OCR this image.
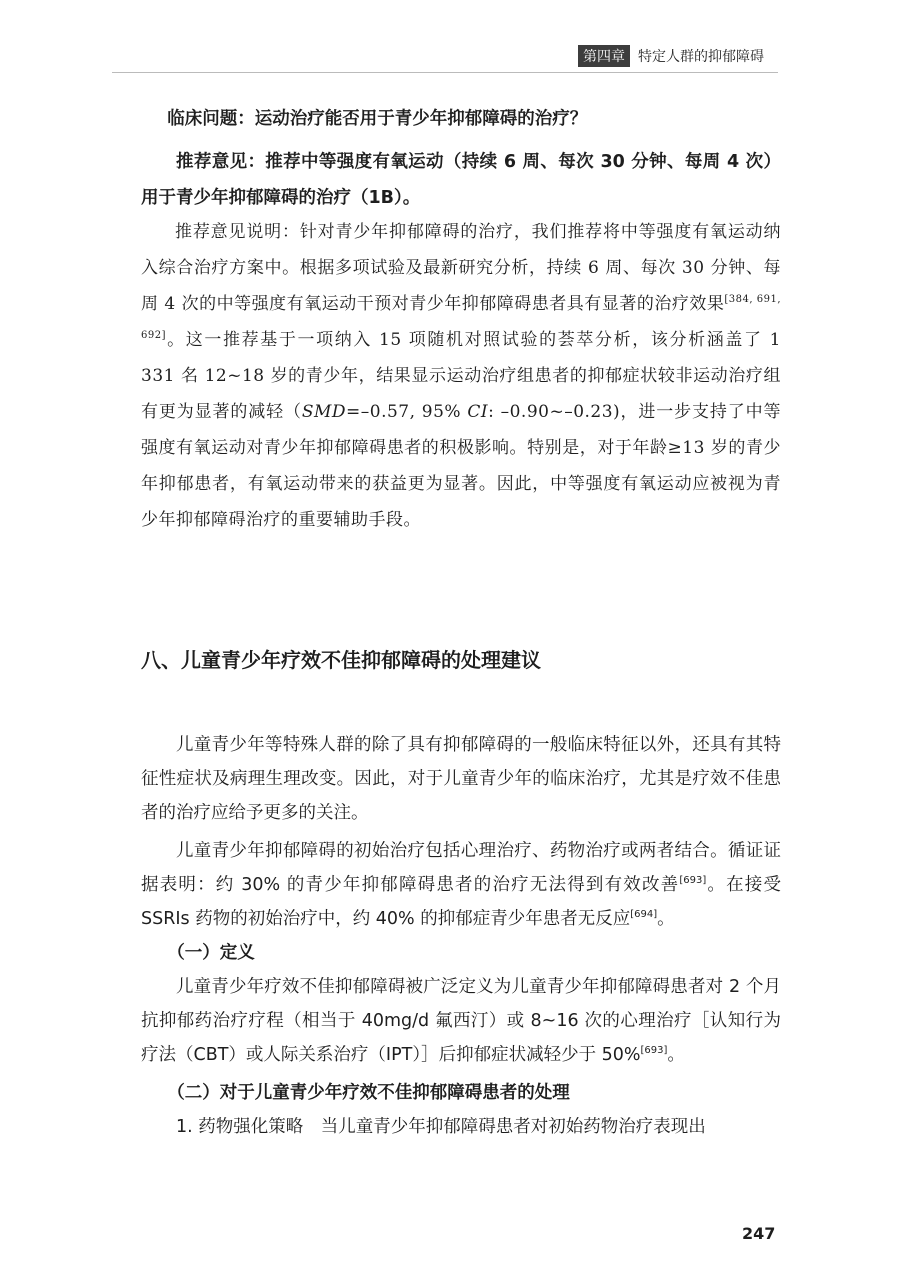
第四章 特定人群的抑郁障碍

临床问题：运动治疗能否用于青少年抑郁障碍的治疗？

推荐意见：推荐中等强度有氧运动（持续 6 周、每次 30 分钟、每周 4 次）用于青少年抑郁障碍的治疗（1B）。

推荐意见说明：针对青少年抑郁障碍的治疗，我们推荐将中等强度有氧运动纳入综合治疗方案中。根据多项试验及最新研究分析，持续 6 周、每次 30 分钟、每周 4 次的中等强度有氧运动干预对青少年抑郁障碍患者具有显著的治疗效果[384, 691, 692]。这一推荐基于一项纳入 15 项随机对照试验的荟萃分析，该分析涵盖了 1 331 名 12~18 岁的青少年，结果显示运动治疗组患者的抑郁症状较非运动治疗组有更为显著的减轻（SMD=–0.57, 95% CI: –0.90~–0.23)，进一步支持了中等强度有氧运动对青少年抑郁障碍患者的积极影响。特别是，对于年龄≥13 岁的青少年抑郁患者，有氧运动带来的获益更为显著。因此，中等强度有氧运动应被视为青少年抑郁障碍治疗的重要辅助手段。

八、儿童青少年疗效不佳抑郁障碍的处理建议

儿童青少年等特殊人群的除了具有抑郁障碍的一般临床特征以外，还具有其特征性症状及病理生理改变。因此，对于儿童青少年的临床治疗，尤其是疗效不佳患者的治疗应给予更多的关注。

儿童青少年抑郁障碍的初始治疗包括心理治疗、药物治疗或两者结合。循证证据表明：约 30% 的青少年抑郁障碍患者的治疗无法得到有效改善[693]。在接受 SSRIs 药物的初始治疗中，约 40% 的抑郁症青少年患者无反应[694]。

（一）定义

儿童青少年疗效不佳抑郁障碍被广泛定义为儿童青少年抑郁障碍患者对 2 个月抗抑郁药治疗疗程（相当于 40mg/d 氟西汀）或 8~16 次的心理治疗［认知行为疗法（CBT）或人际关系治疗（IPT）］后抑郁症状减轻少于 50%[693]。

（二）对于儿童青少年疗效不佳抑郁障碍患者的处理

1. 药物强化策略　当儿童青少年抑郁障碍患者对初始药物治疗表现出

247
